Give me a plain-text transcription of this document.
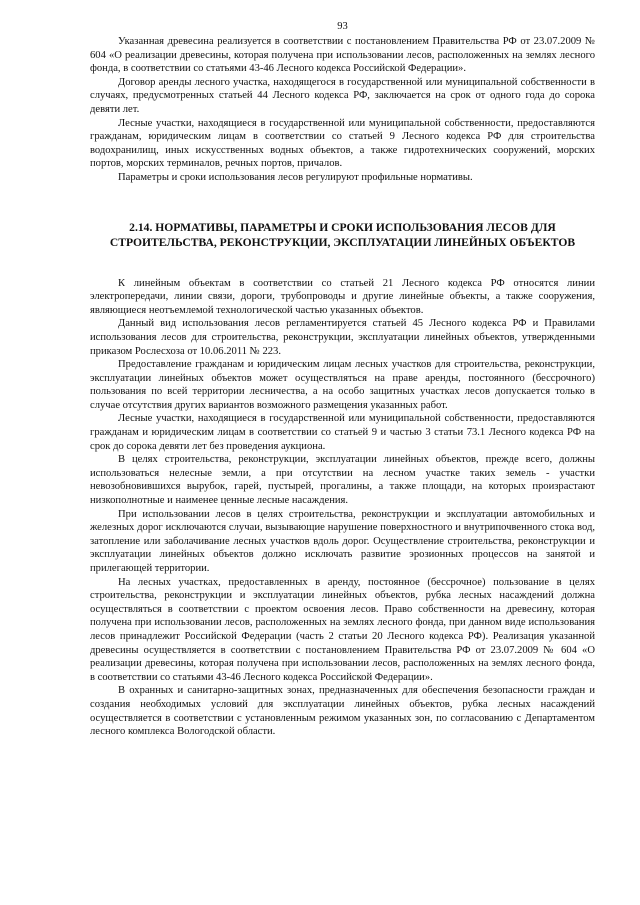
93

Указанная древесина реализуется в соответствии с постановлением Правительства РФ от 23.07.2009 № 604 «О реализации древесины, которая получена при использовании лесов, расположенных на землях лесного фонда, в соответствии со статьями 43-46 Лесного кодекса Российской Федерации».

Договор аренды лесного участка, находящегося в государственной или муниципальной собственности в случаях, предусмотренных статьей 44 Лесного кодекса РФ, заключается на срок от одного года до сорока девяти лет.

Лесные участки, находящиеся в государственной или муниципальной собственности, предоставляются гражданам, юридическим лицам в соответствии со статьей 9 Лесного кодекса РФ для строительства водохранилищ, иных искусственных водных объектов, а также гидротехнических сооружений, морских портов, морских терминалов, речных портов, причалов.

Параметры и сроки использования лесов регулируют профильные нормативы.

2.14. НОРМАТИВЫ, ПАРАМЕТРЫ И СРОКИ ИСПОЛЬЗОВАНИЯ ЛЕСОВ ДЛЯ СТРОИТЕЛЬСТВА, РЕКОНСТРУКЦИИ, ЭКСПЛУАТАЦИИ ЛИНЕЙНЫХ ОБЪЕКТОВ

К линейным объектам в соответствии со статьей 21 Лесного кодекса РФ относятся линии электропередачи, линии связи, дороги, трубопроводы и другие линейные объекты, а также сооружения, являющиеся неотъемлемой технологической частью указанных объектов.

Данный вид использования лесов регламентируется статьей 45 Лесного кодекса РФ и Правилами использования лесов для строительства, реконструкции, эксплуатации линейных объектов, утвержденными приказом Рослесхоза от 10.06.2011 № 223.

Предоставление гражданам и юридическим лицам лесных участков для строительства, реконструкции, эксплуатации линейных объектов может осуществляться на праве аренды, постоянного (бессрочного) пользования по всей территории лесничества, а на особо защитных участках лесов допускается только в случае отсутствия других вариантов возможного размещения указанных работ.

Лесные участки, находящиеся в государственной или муниципальной собственности, предоставляются гражданам и юридическим лицам в соответствии со статьей 9 и частью 3 статьи 73.1 Лесного кодекса РФ на срок до сорока девяти лет без проведения аукциона.

В целях строительства, реконструкции, эксплуатации линейных объектов, прежде всего, должны использоваться нелесные земли, а при отсутствии на лесном участке таких земель - участки невозобновившихся вырубок, гарей, пустырей, прогалины, а также площади, на которых произрастают низкополнотные и наименее ценные лесные насаждения.

При использовании лесов в целях строительства, реконструкции и эксплуатации автомобильных и железных дорог исключаются случаи, вызывающие нарушение поверхностного и внутрипочвенного стока вод, затопление или заболачивание лесных участков вдоль дорог. Осуществление строительства, реконструкции и эксплуатации линейных объектов должно исключать развитие эрозионных процессов на занятой и прилегающей территории.

На лесных участках, предоставленных в аренду, постоянное (бессрочное) пользование в целях строительства, реконструкции и эксплуатации линейных объектов, рубка лесных насаждений должна осуществляться в соответствии с проектом освоения лесов. Право собственности на древесину, которая получена при использовании лесов, расположенных на землях лесного фонда, при данном виде использования лесов принадлежит Российской Федерации (часть 2 статьи 20 Лесного кодекса РФ). Реализация указанной древесины осуществляется в соответствии с постановлением Правительства РФ от 23.07.2009 № 604 «О реализации древесины, которая получена при использовании лесов, расположенных на землях лесного фонда, в соответствии со статьями 43-46 Лесного кодекса Российской Федерации».

В охранных и санитарно-защитных зонах, предназначенных для обеспечения безопасности граждан и создания необходимых условий для эксплуатации линейных объектов, рубка лесных насаждений осуществляется в соответствии с установленным режимом указанных зон, по согласованию с Департаментом лесного комплекса Вологодской области.
